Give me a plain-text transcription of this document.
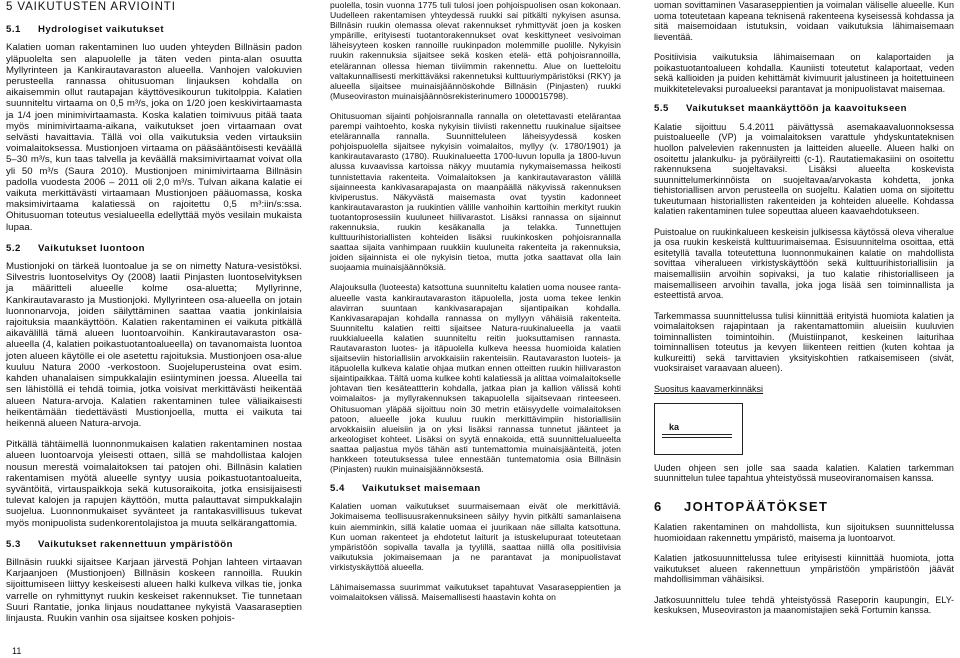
5 VAIKUTUSTEN ARVIOINTI
5.1 Hydrologiset vaikutukset

Kalatien uoman rakentaminen luo uuden yhteyden Billnäsin padon yläpuolelta sen alapuolelle ja täten veden pinta-alan osuutta Myllyrinteen ja Kankirautavaraston alueella. Vanhojen valokuvien perusteella rannassa ohitusuoman linjauksen kohdalla on aikaisemmin ollut rautapajan käyttövesikourun tukitolppia. Kalatien suunniteltu virtaama on 0,5 m³/s, joka on 1/20 joen keskivirtaamasta ja 1/4 joen minimivirtaamasta. Koska kalatien toimivuus pitää taata myös minimivirtaama-aikana, vaikutukset joen virtaamaan ovat selvästi havaittavia. Tällä voi olla vaikutuksia veden virtauksiin voimalaitoksessa. Mustionjoen virtaama on pääsääntöisesti keväällä 5–30 m³/s, kun taas talvella ja keväällä maksimivirtaamat voivat olla yli 50 m³/s (Saura 2010). Mustionjoen minimivirtaama Billnäsin padolla vuodesta 2006 – 2011 oli 2,0 m³/s. Tulvan aikana kalatie ei vaikuta merkittävästi virtaamaan Mustionjoen pääuomassa, koska maksimivirtaama kalatiessä on rajoitettu 0,5 m³:iin/s:ssa. Ohitusuoman toteutus vesialueella edellyttää myös vesilain mukaista lupaa.

5.2 Vaikutukset luontoon

Mustionjoki on tärkeä luontoalue ja se on nimetty Natura-vesistöksi. Silvestris luontoselvitys Oy (2008) laatii Pinjasten luontoselvityksen ja määritteli alueelle kolme osa-aluetta; Myllyrinne, Kankirautavarasto ja Mustionjoki. Myllyrinteen osa-alueella on jotain luonnonarvoja, joiden säilyttäminen saattaa vaatia jonkinlaisia rajoituksia maankäyttöön. Kalatien rakentaminen ei vaikuta pitkällä aikavälillä tämä alueen luontoarvoihin. Kankirautavaraston osa-alueella (4, kalatien poikastuotantoalueella) on tavanomaista luontoa joten alueen käytölle ei ole asetettu rajoituksia. Mustionjoen osa-alue kuuluu Natura 2000 -verkostoon. Suojeluperusteina ovat esim. kahden uhanalaisen simpukkalajin esiintyminen joessa. Alueella tai sen lähistöllä ei tehdä toimia, jotka voisivat merkittävästi heikentää alueen Natura-arvoja. Kalatien rakentaminen tulee väliaikaisesti heikentämään tiedettävästi Mustionjoella, mutta ei vaikuta tai heikennä alueen Natura-arvoja.

Pitkällä tähtäimellä luonnonmukaisen kalatien rakentaminen nostaa alueen luontoarvoja yleisesti ottaen, sillä se mahdollistaa kalojen nousun merestä voimalaitoksen tai patojen ohi. Billnäsin kalatien rakentamisen myötä alueelle syntyy uusia poikastuotantoalueita, syväntöitä, virtauspaikkoja sekä kutusoraikoita, jotka ensisijaisesti tulevat kalojen ja rapujen käyttöön, mutta palauttavat simpukkalajin suojelua. Luonnonmukaiset syvänteet ja rantakasvillisuus tukevat myös monipuolista sudenkorentolajistoa ja muuta selkärangattomia.

5.3 Vaikutukset rakennettuun ympäristöön

Billnäsin ruukki sijaitsee Karjaan järvestä Pohjan lahteen virtaavan Karjaanjoen (Mustionjoen) Billnäsin koskeen rannoilla. Ruukin sijoittumiseen liittyy keskeisesti alueen halki kulkeva vilkas tie, jonka varrelle on ryhmittynyt ruukin keskeiset rakennukset. Tie tunnetaan Suuri Rantatie, jonka linjaus noudattanee nykyistä Vaasaraseptien linjausta. Ruukin vanhin osa sijaitsee kosken pohjois-

puolella, tosin vuonna 1775 tuli tulosi joen pohjoispuolisen osan kokonaan. Uudelleen rakentamisen yhteydessä ruukki sai pitkälti nykyisen asunsa. Billnäsin ruukin olemassa olevat rakennukset ryhmittyvät joen ja kosken ympärille, erityisesti tuotantorakennukset ovat keskittyneet vesivoiman läheisyyteen kosken rannoille ruukinpadon molemmille puolille. Nykyisin ruukin rakennuksia sijaitsee sekä kosken etelä- että pohjoisrannoilla, etelärannan ollessa hieman tiiviimmin rakennettu. Alue on luetteloitu valtakunnallisesti merkittäväksi rakennetuksi kulttuuriympäristöksi (RKY) ja alueella sijaitsee muinaisjäännöskohde Billnäsin (Pinjasten) ruukki (Museoviraston muinaisjäännösrekisterinumero 1000015798).

Ohitusuoman sijainti pohjoisrannalla rannalla on oletettavasti etelärantaa parempi vaihtoehto, koska nykyisin tiiviisti rakennettu ruukinalue sijaitsee etelärannalla rannalla. Suunnitteluleen läheisyydessä kosken pohjoispuolella sijaitsee nykyisin voimalaitos, myllyy (v. 1780/1901) ja kankirautavarasto (1780). Ruukinalueetta 1700-luvun lopulla ja 1800-luvun alussa kuvaavissa kartoissa näkyy muutamia nykymaisemassa heikosti tunnistettavia rakenteita. Voimalaitoksen ja kankirautavaraston välillä sijainneesta kankivasarapajasta on maanpäällä näkyvissä rakennuksen kiviperustus. Näkyvästä maisemasta ovat tyystin kadonneet kankirautavaraston ja ruukintien välille vanhoihin karttoihin merkityt ruukin tuotantoprosessiin kuuluneet hiilivarastot. Lisäksi rannassa on sijainnut rakennuksia, ruukin kesäkanalla ja telakka. Tunnettujen kulttuurihistoriallisten kohteiden lisäksi ruukinkosken pohjoisrannalla saattaa sijaita vanhimpaan ruukkiin kuuluneita rakenteita ja rakennuksia, joiden sijainnista ei ole nykyisin tietoa, mutta jotka saattavat olla lain suojaamia muinaisjäännöksiä.

Alajouksulla (luoteesta) katsottuna suunniteltu kalatien uoma nousee ranta-alueelle vasta kankirautavaraston itäpuolella, josta uoma tekee lenkin alavirran suuntaan kankivasarapajan sijantipaikan kohdalla. Kankivasarapajan kohdalla rannassa on myllyyn vähäisiä rakenteita. Suunniteltu kalatien reitti sijaitsee Natura-ruukinalueella ja vaatii ruukkialueella kalatien suunniteltu reitin juoksuttamisen rannasta. Rautavaraston luotes- ja itäpuolella kulkeva heessa huomioida kalatien sijaitseviin historiallisiin arvokkaisiin rakenteisiin. Rautavaraston luoteis- ja itäpuolella kulkeva kalatie ohjaa mutkan ennen otteitten ruukin hiilivaraston sijaintipaikkaa. Tältä uoma kulkee kohti kalatiessä ja alittaa voimalaitokselle johtavan tien kesäteattterin kohdalla, jatkaa pian ja kallion välissä kohti voimalaitos- ja myllyrakennuksen takapuolella sijaitsevaan rinteeseen. Ohitusuoman yläpää sijoittuu noin 30 metrin etäisyydelle voimalaitoksen patoon, alueelle joka kuuluu ruukin merkittävimpiin historiallisiin arvokkaisiin alueisiin ja on yksi lisäksi rannassa tunnetut jäänteet ja arkeologiset kohteet. Lisäksi on syytä ennakoida, että suunnittelualueelta saattaa paljastua myös tähän asti tuntemattomia muinaisjäänteitä, joten hankkeen toteutuksessa tulee ennestään tuntematomia osia Billnäsin (Pinjasten) ruukin muinaisjäännöksestä.

5.4 Vaikutukset maisemaan

Kalatien uoman vaikutukset suurmaisemaan eivät ole merkittäviä. Jokimaisema teollisuusrakennuksineen säilyy hyvin pitkälti samanlaisena kuin aiemminkin, sillä kalatie uomaa ei juurikaan näe sillalta katsottuna. Kun uoman rakenteet ja ehdotetut laiturit ja istuskelupuraat toteutetaan ympäristöön sopivalla tavalla ja tyylillä, saattaa niillä olla positiivisia vaikutuksia jokimaisemaan ja ne parantavat ja monipuolistavat virkistyskäyttöä alueella.

Lähimaisemassa suurimmat vaikutukset tapahtuvat Vasaraseppientien ja voimalaitoksen välissä. Maisemallisesti haastavin kohta on

uoman sovittaminen Vasaraseppientien ja voimalan väliselle alueelle. Kun uoma toteutetaan kapeana teknisenä rakenteena kyseisessä kohdassa ja sitä maisemoidaan istutuksin, voidaan vaikutuksia lähimaisemaan lieventää.

Positiivisia vaikutuksia lähimaisemaan on kalaportaiden ja poikastuotantoalueen kohdalla. Kauniisti toteutetut kalaportaat, veden sekä kallioiden ja puiden kehittämät kivimuurit jalustineen ja hoitettuineen muikkitetelevaksi puroalueeksi parantavat ja monipuolistavat maisemaa.

5.5 Vaikutukset maankäyttöön ja kaavoitukseen

Kalatie sijoittuu 5.4.2011 päivättyssä asemakaavaluonnoksessa puistoalueelle (VP) ja voimalaitoksen varattule yhdyskuntateknisen huollon palvelevien rakennusten ja laitteiden alueelle. Alueen halki on osoitettu jalankulku- ja pyöräilyreitti (c-1). Rautatiemakasiini on osoitettu rakennuksena suojeltavaksi. Lisäksi alueelta koskevista suunnittelumerkinnöista on suojeltavaa/arvokasta kohdetta, jonka tiehistoriallisen arvon perusteella on suojeltu. Kalatien uoma on sijoitettu tukeutumaan historiallisten rakenteiden ja kohteiden alueelle. Kohdassa kalatien rakentaminen tulee sopeuttaa alueen kaavaehdotukseen.

Puistoalue on ruukinkalueen keskeisin julkisessa käytössä oleva viheralue ja osa ruukin keskeistä kulttuurimaisemaa. Esisuunnitelma osoittaa, että esitetyllä tavalla toteutettuna luonnonmukainen kalatie on mahdollista sovittaa viheralueen virkistyskäyttöön sekä kulttuurihistoriallisiin ja maisemallisiin arvoihin sopivaksi, ja tuo kalatie rihistorialliseen ja maisemalliseen arvoihin tavalla, joka joga lisää sen toiminnallista ja esteettistä arvoa.

Tarkemmassa suunnittelussa tulisi kiinnittää erityistä huomiota kalatien ja voimalaitoksen rajapintaan ja rakentamattomiin alueisiin kuuluvien toiminnallisten toimintoihin. (Muistiinpanot, keskeinen laiturihaa toiminnallisen toteutus ja kevyen liikenteen reittien (kuten kohtaa ja kulkureitti) sekä tarvittavien yksityiskohtien ratkaisemiseen (sivät, vuoksiraiset varaavaan alueen).

Suositus kaavamerkinnäksi
ka

Uuden ohjeen sen jolle saa saada kalatien. Kalatien tarkemman suunnittelun tulee tapahtua yhteistyössä museoviranomaisen kanssa.

6 JOHTOPÄÄTÖKSET

Kalatien rakentaminen on mahdollista, kun sijoituksen suunnittelussa huomioidaan rakennettu ympäristö, maisema ja luontoarvot.

Kalatien jatkosuunnittelussa tulee erityisesti kiinnittää huomiota, jotta vaikutukset alueen rakennettuun ympäristöön ympäristöön jäävät mahdollisimman vähäisiksi.

Jatkosuunnittelu tulee tehdä yhteistyössä Raseporin kaupungin, ELY-keskuksen, Museoviraston ja maanomistajien sekä Fortumin kanssa.

11
